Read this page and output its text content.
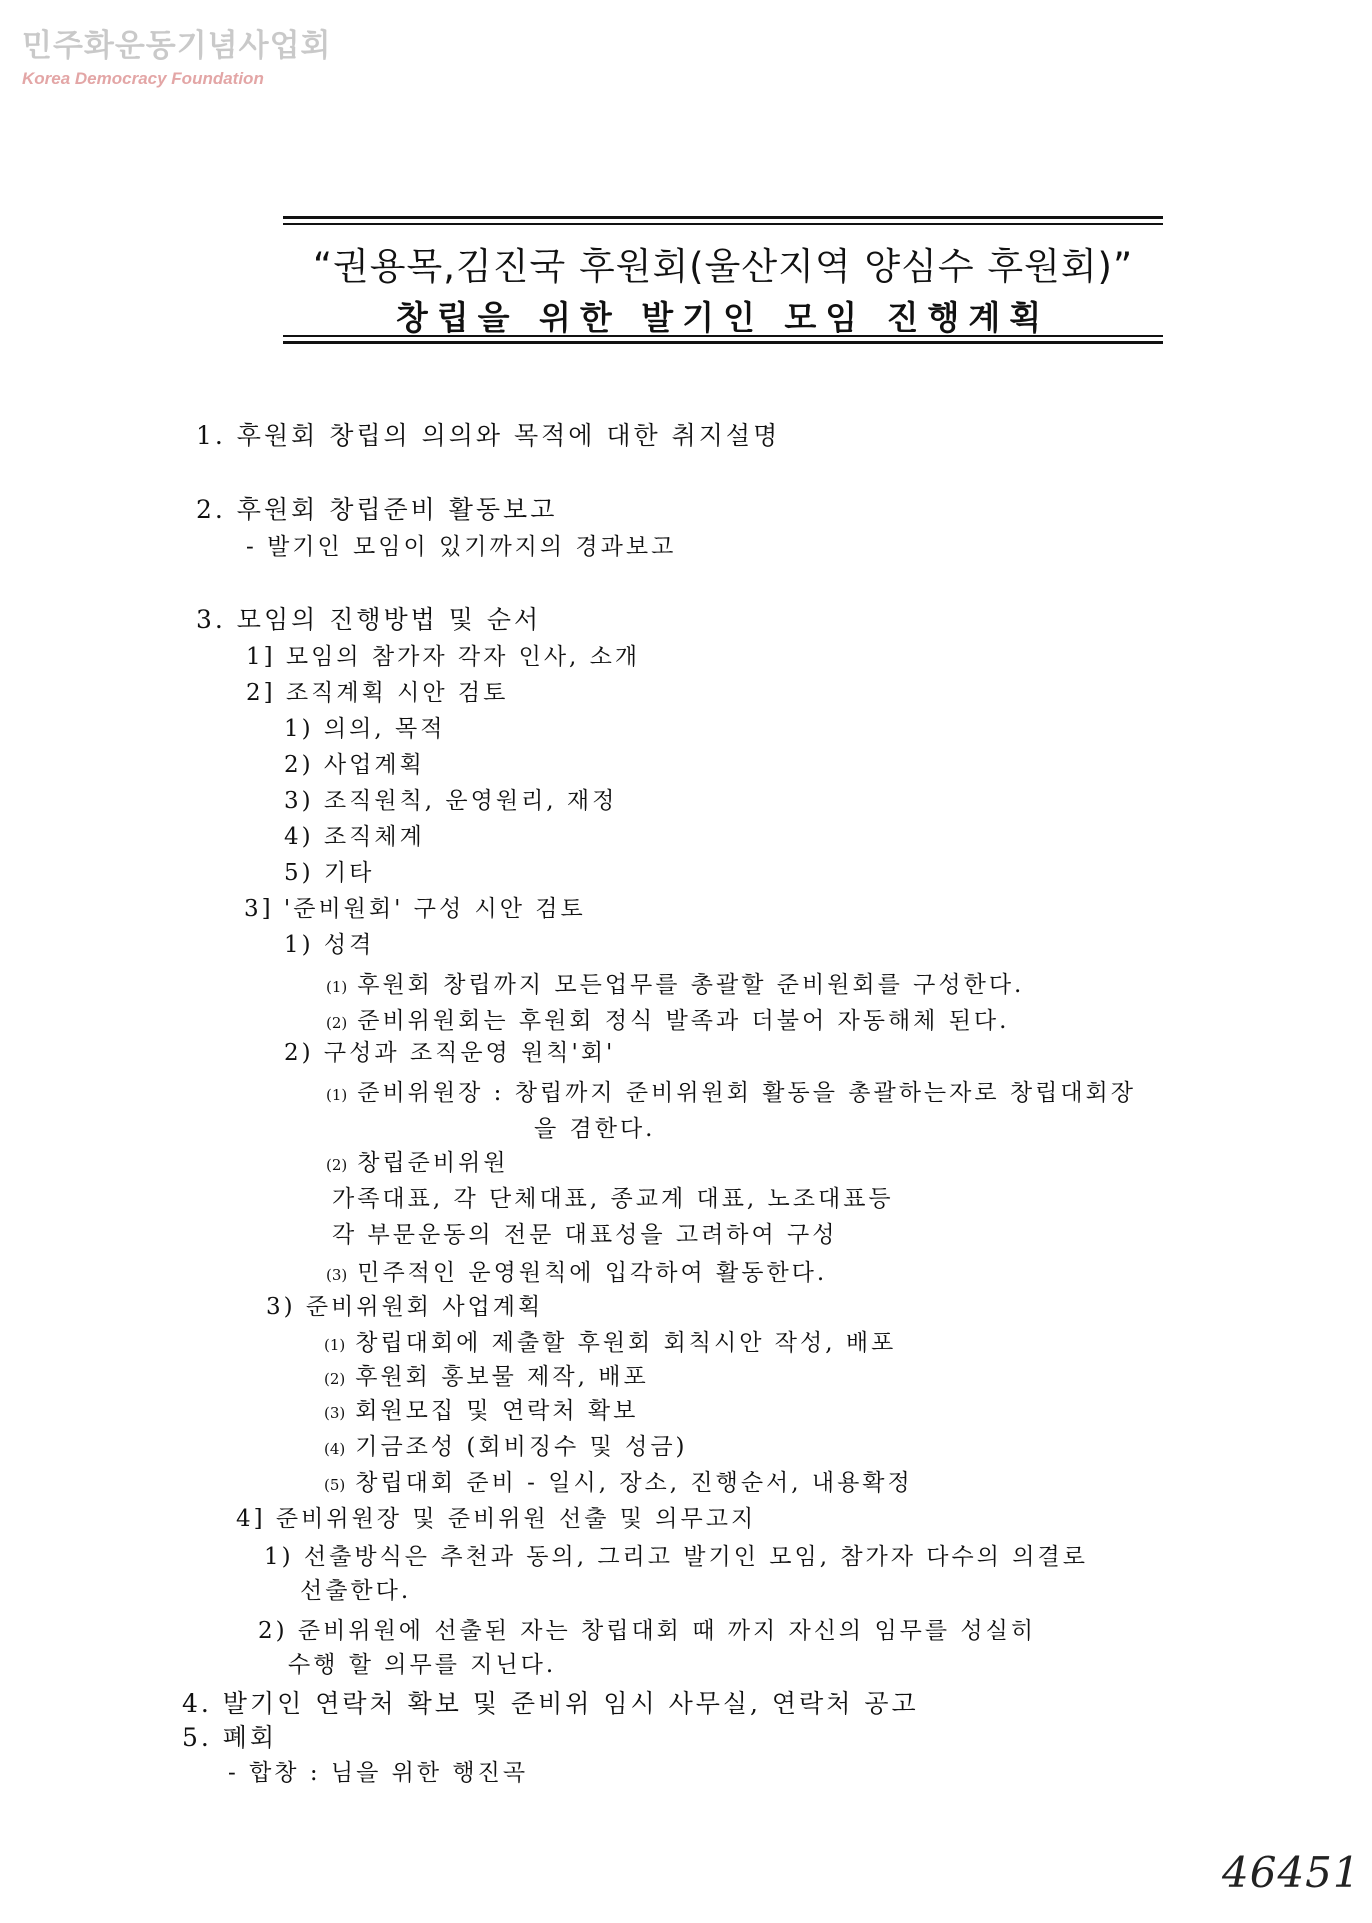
민주화운동기념사업회
Korea Democracy Foundation
“권용목,김진국 후원회(울산지역 양심수 후원회)”
창립을 위한 발기인 모임 진행계획
1. 후원회 창립의 의의와 목적에 대한 취지설명
2. 후원회 창립준비 활동보고
- 발기인 모임이 있기까지의 경과보고
3. 모임의 진행방법 및 순서
1] 모임의 참가자 각자 인사, 소개
2] 조직계획 시안 검토
1) 의의, 목적
2) 사업계획
3) 조직원칙, 운영원리, 재정
4) 조직체계
5) 기타
3] '준비원회' 구성 시안 검토
1) 성격
(1) 후원회 창립까지 모든업무를 총괄할 준비원회를 구성한다.
(2) 준비위원회는 후원회 정식 발족과 더불어 자동해체 된다.
2) 구성과 조직운영 원칙'회'
(1) 준비위원장 : 창립까지 준비위원회 활동을 총괄하는자로 창립대회장
을 겸한다.
(2) 창립준비위원
가족대표, 각 단체대표, 종교계 대표, 노조대표등
각 부문운동의 전문 대표성을 고려하여 구성
(3) 민주적인 운영원칙에 입각하여 활동한다.
3) 준비위원회 사업계획
(1) 창립대회에 제출할 후원회 회칙시안 작성, 배포
(2) 후원회 홍보물 제작, 배포
(3) 회원모집 및 연락처 확보
(4) 기금조성 (회비징수 및 성금)
(5) 창립대회 준비 - 일시, 장소, 진행순서, 내용확정
4] 준비위원장 및 준비위원 선출 및 의무고지
1) 선출방식은 추천과 동의, 그리고 발기인 모임, 참가자 다수의 의결로
선출한다.
2) 준비위원에 선출된 자는 창립대회 때 까지 자신의 임무를 성실히
수행 할 의무를 지닌다.
4. 발기인 연락처 확보 및 준비위 임시 사무실, 연락처 공고
5. 폐회
- 합창 : 님을 위한 행진곡
46451
